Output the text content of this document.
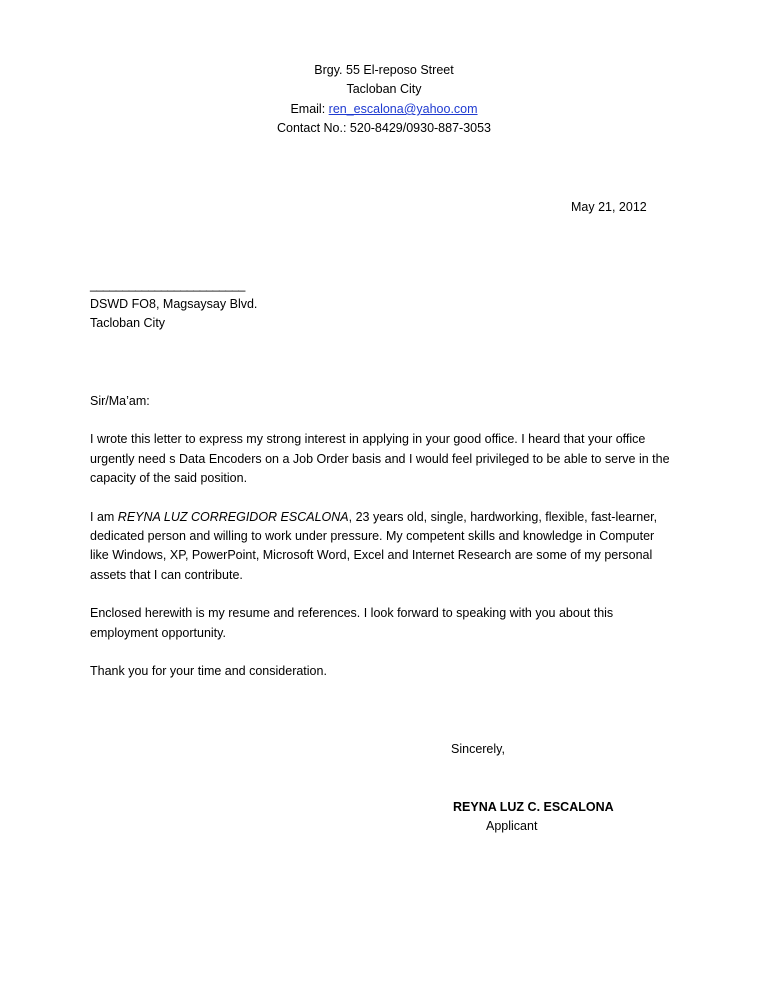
Brgy. 55 El-reposo Street
Tacloban City
Email: ren_escalona@yahoo.com
Contact No.: 520-8429/0930-887-3053
May 21, 2012
________________________
DSWD FO8, Magsaysay Blvd.
Tacloban City
Sir/Ma’am:
I wrote this letter to express my strong interest in applying in your good office. I heard that your office
urgently need s Data Encoders on a Job Order basis and I would feel privileged to be able to serve in the
capacity of the said position.
I am REYNA LUZ CORREGIDOR ESCALONA, 23 years old, single, hardworking, flexible, fast-learner,
dedicated person and willing to work under pressure. My competent skills and knowledge in Computer
like Windows, XP, PowerPoint, Microsoft Word, Excel and Internet Research are some of my personal
assets that I can contribute.
Enclosed herewith is my resume and references. I look forward to speaking with you about this
employment opportunity.
Thank you for your time and consideration.
Sincerely,
REYNA LUZ C. ESCALONA
Applicant
